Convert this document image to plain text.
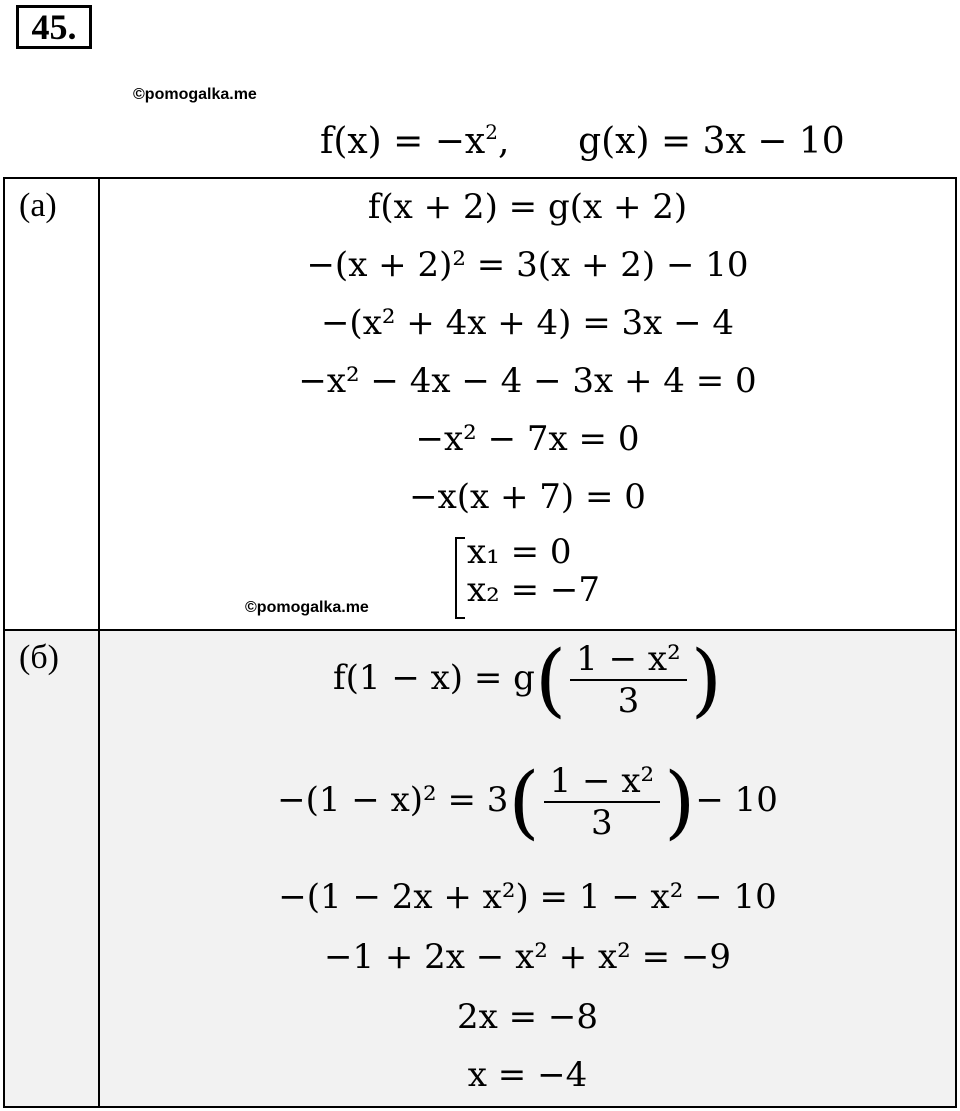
45.
©pomogalka.me
$f(x) = -x^2$, g(x) = 3x − 10
(а)	f(x + 2) = g(x + 2)
−(x + 2)² = 3(x + 2) − 10
−(x² + 4x + 4) = 3x − 4
−x² − 4x − 4 − 3x + 4 = 0
−x² − 7x = 0
−x(x + 7) = 0
x₁ = 0
x₂ = −7
©pomogalka.me
(б)
$f(1 - x) = g( \frac{\text{1 − x²}}{3}$ )
$-(1 - x)^2 = 3( \frac{\text{1 − x²}}{3}$ )− 10
−(1 − 2x + x²) = 1 − x² − 10
−1 + 2x − x² + x² = −9
2x = −8
x = −4
